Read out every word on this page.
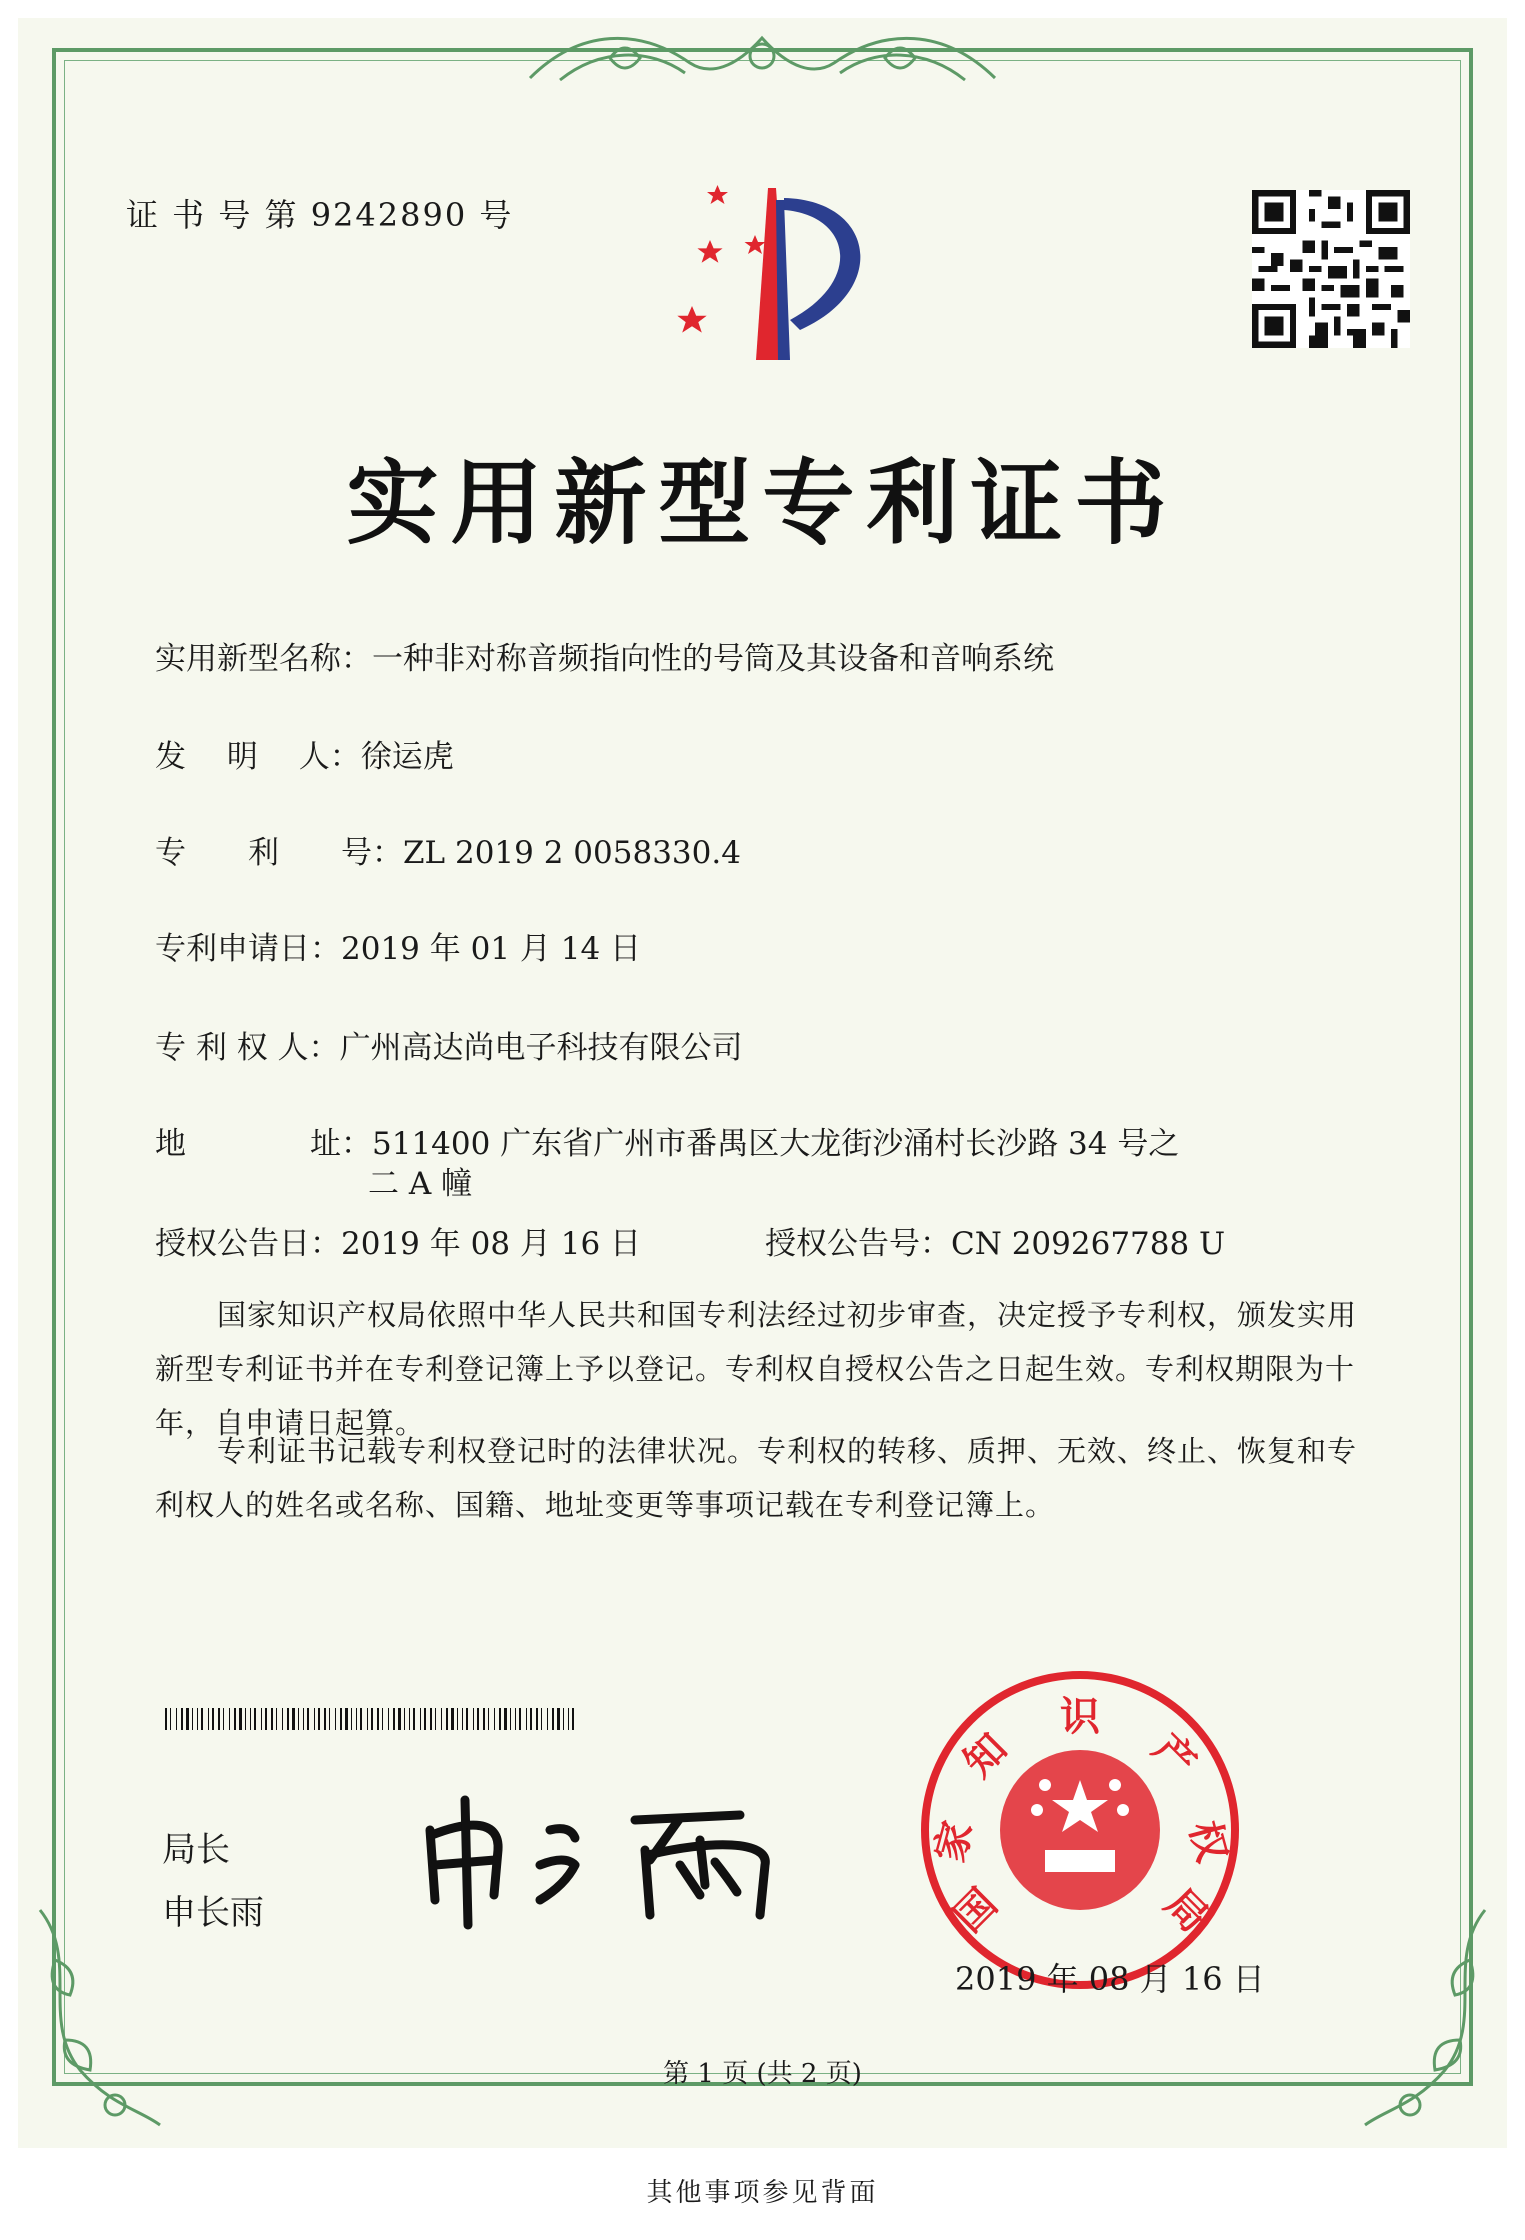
证 书 号 第 9242890 号
实用新型专利证书
实用新型名称：一种非对称音频指向性的号筒及其设备和音响系统
发　 明　 人：徐运虎
专　　利　　号：ZL 2019 2 0058330.4
专利申请日：2019 年 01 月 14 日
专 利 权 人：广州高达尚电子科技有限公司
地　　　　址：511400 广东省广州市番禺区大龙街沙涌村长沙路 34 号之
二 A 幢
授权公告日：2019 年 08 月 16 日	授权公告号：CN 209267788 U
国家知识产权局依照中华人民共和国专利法经过初步审查，决定授予专利权，颁发实用新型专利证书并在专利登记簿上予以登记。专利权自授权公告之日起生效。专利权期限为十年，自申请日起算。
专利证书记载专利权登记时的法律状况。专利权的转移、质押、无效、终止、恢复和专利权人的姓名或名称、国籍、地址变更等事项记载在专利登记簿上。
局长
申长雨	国
家
知
识
产
权
局
2019 年 08 月 16 日
第 1 页 (共 2 页)
其他事项参见背面
